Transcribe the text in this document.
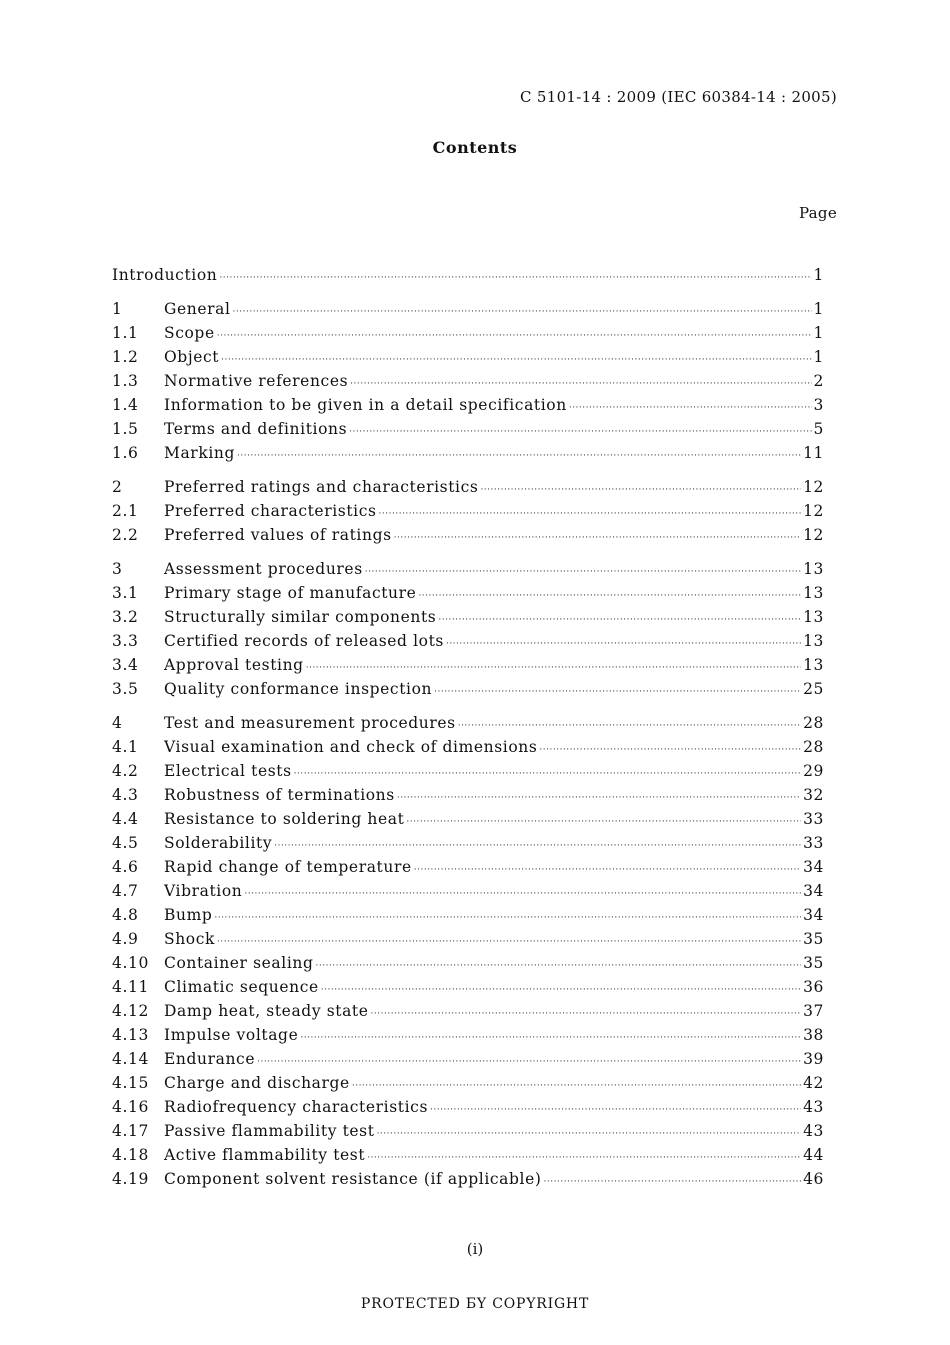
C 5101-14 : 2009 (IEC 60384-14 : 2005)
Contents
Page
Introduction ·····	1
1	General ·····	1
1.1	Scope ·····	1
1.2	Object ·····	1
1.3	Normative references ·····	2
1.4	Information to be given in a detail specification ·····	3
1.5	Terms and definitions ·····	5
1.6	Marking ·····	11
2	Preferred ratings and characteristics ·····	12
2.1	Preferred characteristics ·····	12
2.2	Preferred values of ratings ·····	12
3	Assessment procedures ·····	13
3.1	Primary stage of manufacture ·····	13
3.2	Structurally similar components ·····	13
3.3	Certified records of released lots ·····	13
3.4	Approval testing ·····	13
3.5	Quality conformance inspection ·····	25
4	Test and measurement procedures ·····	28
4.1	Visual examination and check of dimensions ·····	28
4.2	Electrical tests ·····	29
4.3	Robustness of terminations ·····	32
4.4	Resistance to soldering heat ·····	33
4.5	Solderability ·····	33
4.6	Rapid change of temperature ·····	34
4.7	Vibration ·····	34
4.8	Bump ·····	34
4.9	Shock ·····	35
4.10 Container sealing ·····	35
4.11 Climatic sequence ·····	36
4.12 Damp heat, steady state ·····	37
4.13 Impulse voltage ·····	38
4.14 Endurance ·····	39
4.15 Charge and discharge ·····	42
4.16 Radiofrequency characteristics ·····	43
4.17 Passive flammability test ·····	43
4.18 Active flammability test ·····	44
4.19 Component solvent resistance (if applicable) ·····	46
(i)
PROTECTED БY COPYRIGHT
